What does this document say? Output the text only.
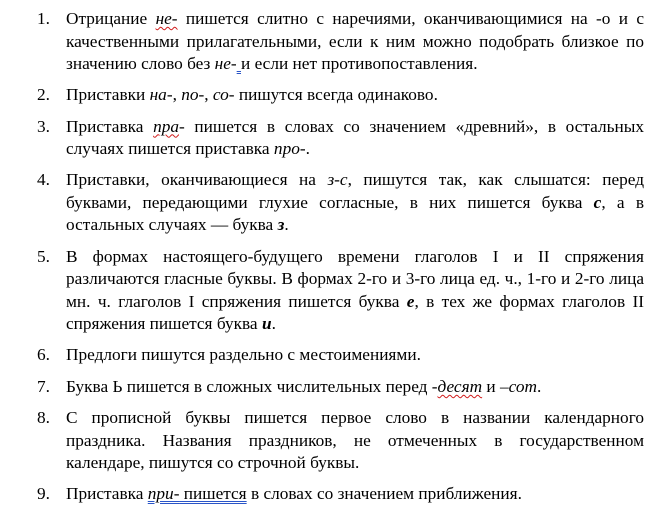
1. Отрицание не- пишется слитно с наречиями, оканчивающимися на -о и с качественными прилагательными, если к ним можно подобрать близкое по значению слово без не- и если нет противопоставления.
2. Приставки на-, по-, со- пишутся всегда одинаково.
3. Приставка пра- пишется в словах со значением «древний», в остальных случаях пишется приставка про-.
4. Приставки, оканчивающиеся на з-с, пишутся так, как слышатся: перед буквами, передающими глухие согласные, в них пишется буква с, а в остальных случаях — буква з.
5. В формах настоящего-будущего времени глаголов I и II спряжения различаются гласные буквы. В формах 2-го и 3-го лица ед. ч., 1-го и 2-го лица мн. ч. глаголов I спряжения пишется буква е, в тех же формах глаголов II спряжения пишется буква и.
6. Предлоги пишутся раздельно с местоимениями.
7. Буква Ь пишется в сложных числительных перед -десят и –сот.
8. С прописной буквы пишется первое слово в названии календарного праздника. Названия праздников, не отмеченных в государственном календаре, пишутся со строчной буквы.
9. Приставка при- пишется в словах со значением приближения.
